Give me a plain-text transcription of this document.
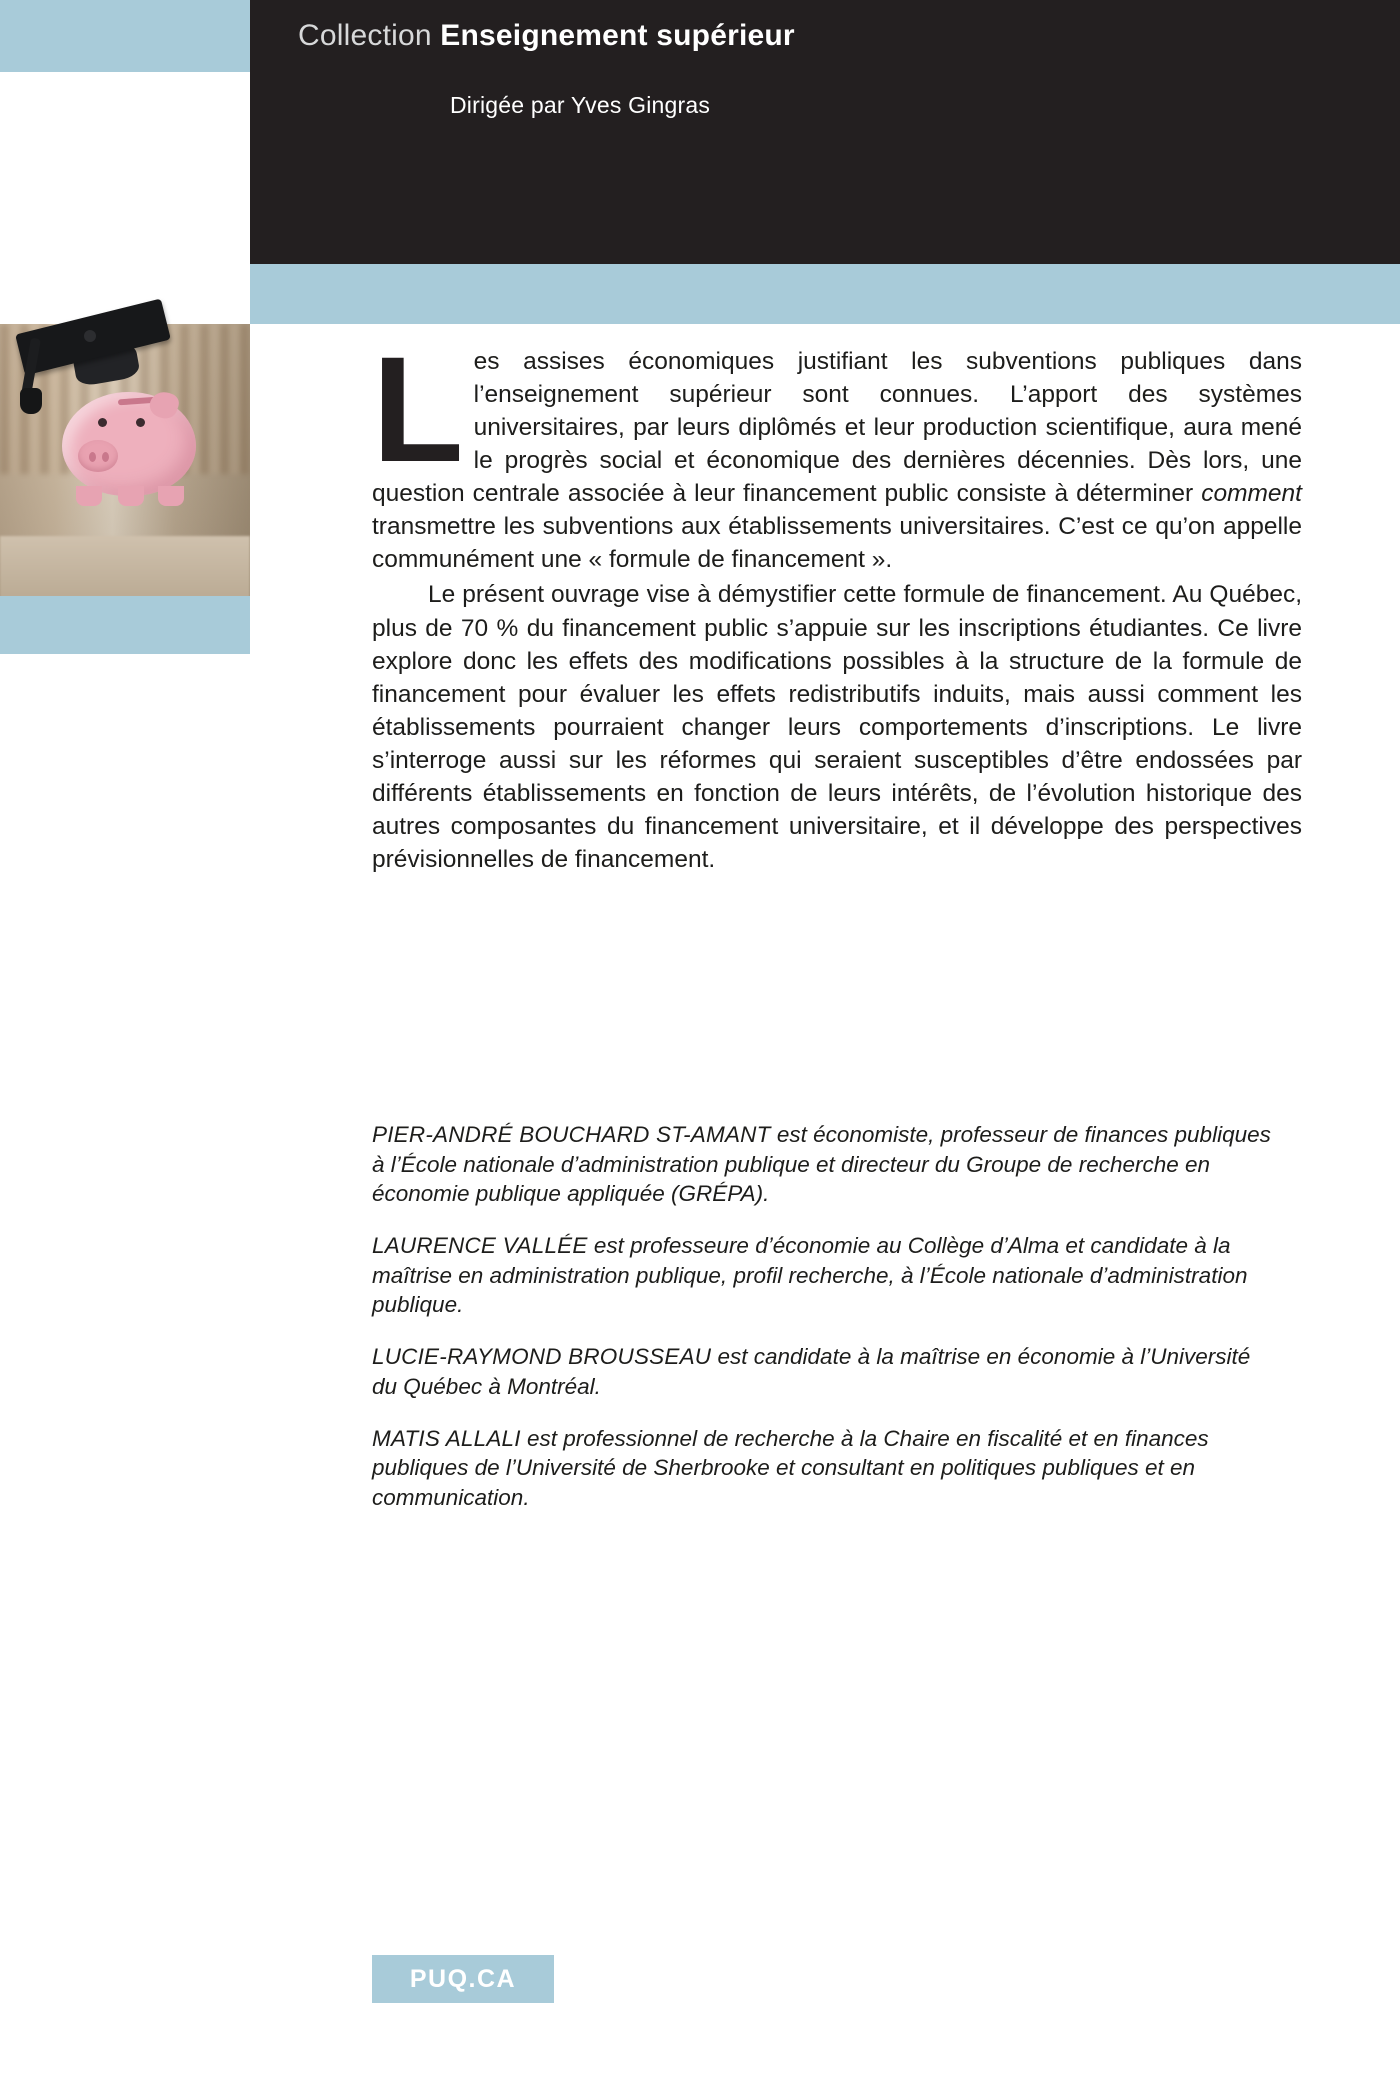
Collection Enseignement supérieur
Dirigée par Yves Gingras
L es assises économiques justifiant les subventions publiques dans l’enseignement supérieur sont connues. L’apport des systèmes universitaires, par leurs diplômés et leur production scientifique, aura mené le progrès social et économique des dernières décennies. Dès lors, une question centrale associée à leur financement public consiste à déterminer comment transmettre les subventions aux établissements universitaires. C’est ce qu’on appelle communément une « formule de financement ».

Le présent ouvrage vise à démystifier cette formule de financement. Au Québec, plus de 70 % du financement public s’appuie sur les inscriptions étudiantes. Ce livre explore donc les effets des modifications possibles à la structure de la formule de financement pour évaluer les effets redistributifs induits, mais aussi comment les établissements pourraient changer leurs comportements d’inscriptions. Le livre s’interroge aussi sur les réformes qui seraient susceptibles d’être endossées par différents établissements en fonction de leurs intérêts, de l’évolution historique des autres composantes du financement universitaire, et il développe des perspectives prévisionnelles de financement.

PIER-ANDRÉ BOUCHARD ST-AMANT est économiste, professeur de finances publiques à l’École nationale d’administration publique et directeur du Groupe de recherche en économie publique appliquée (GRÉPA).

LAURENCE VALLÉE est professeure d’économie au Collège d’Alma et candidate à la maîtrise en administration publique, profil recherche, à l’École nationale d’administration publique.

LUCIE-RAYMOND BROUSSEAU est candidate à la maîtrise en économie à l’Université du Québec à Montréal.

MATIS ALLALI est professionnel de recherche à la Chaire en fiscalité et en finances publiques de l’Université de Sherbrooke et consultant en politiques publiques et en communication.

PUQ.CA
